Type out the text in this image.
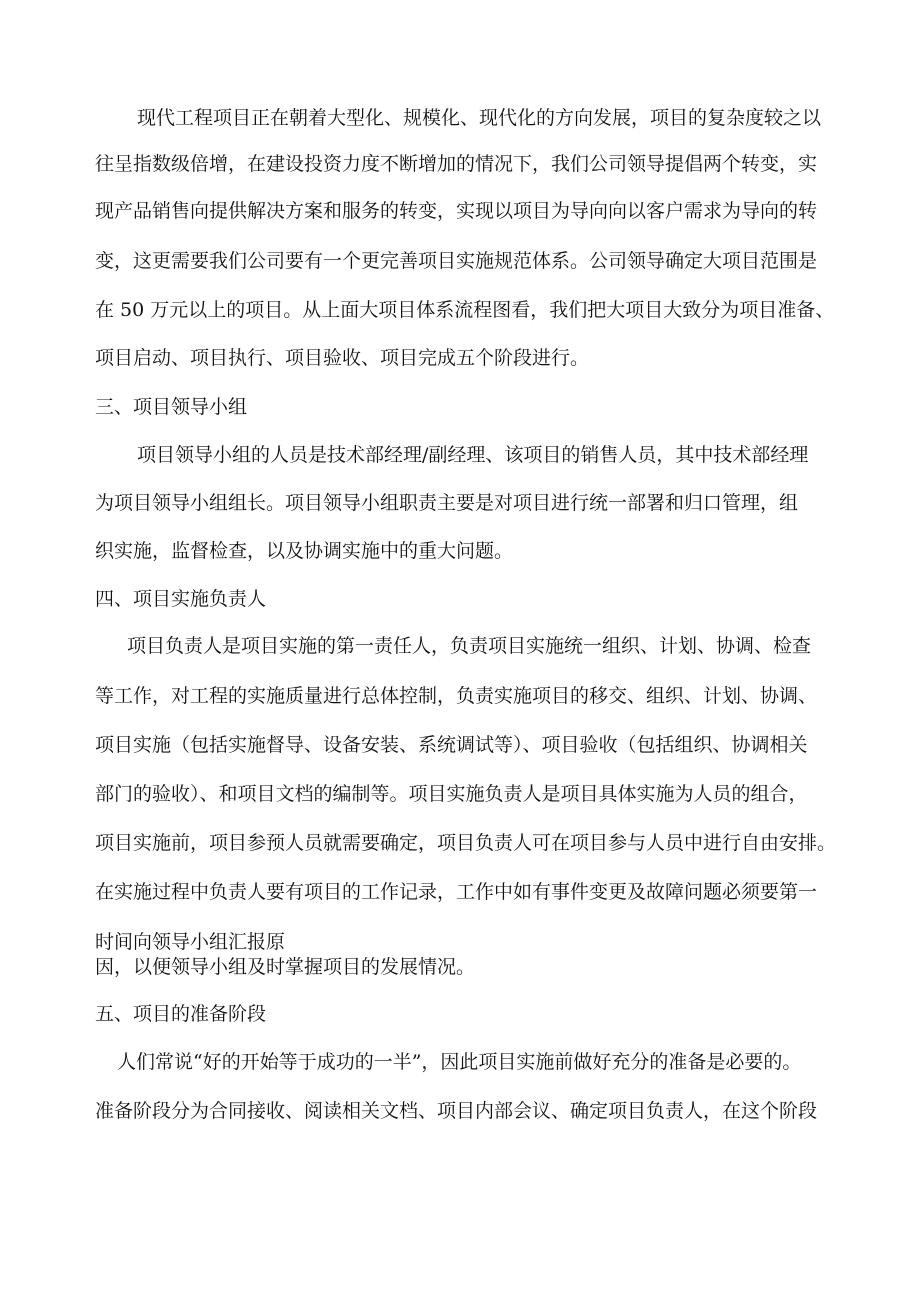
现代工程项目正在朝着大型化、规模化、现代化的方向发展，项目的复杂度较之以
往呈指数级倍增，在建设投资力度不断增加的情况下，我们公司领导提倡两个转变，实
现产品销售向提供解决方案和服务的转变，实现以项目为导向向以客户需求为导向的转
变，这更需要我们公司要有一个更完善项目实施规范体系。公司领导确定大项目范围是
在 50 万元以上的项目。从上面大项目体系流程图看，我们把大项目大致分为项目准备、
项目启动、项目执行、项目验收、项目完成五个阶段进行。
三、项目领导小组
项目领导小组的人员是技术部经理/副经理、该项目的销售人员，其中技术部经理
为项目领导小组组长。项目领导小组职责主要是对项目进行统一部署和归口管理，组
织实施，监督检查，以及协调实施中的重大问题。
四、项目实施负责人
项目负责人是项目实施的第一责任人，负责项目实施统一组织、计划、协调、检查
等工作，对工程的实施质量进行总体控制，负责实施项目的移交、组织、计划、协调、
项目实施（包括实施督导、设备安装、系统调试等）、项目验收（包括组织、协调相关
部门的验收）、和项目文档的编制等。项目实施负责人是项目具体实施为人员的组合，
项目实施前，项目参预人员就需要确定，项目负责人可在项目参与人员中进行自由安排。
在实施过程中负责人要有项目的工作记录，工作中如有事件变更及故障问题必须要第一
时间向领导小组汇报原
因，以便领导小组及时掌握项目的发展情况。
五、项目的准备阶段
人们常说“好的开始等于成功的一半”，因此项目实施前做好充分的准备是必要的。
准备阶段分为合同接收、阅读相关文档、项目内部会议、确定项目负责人，在这个阶段
